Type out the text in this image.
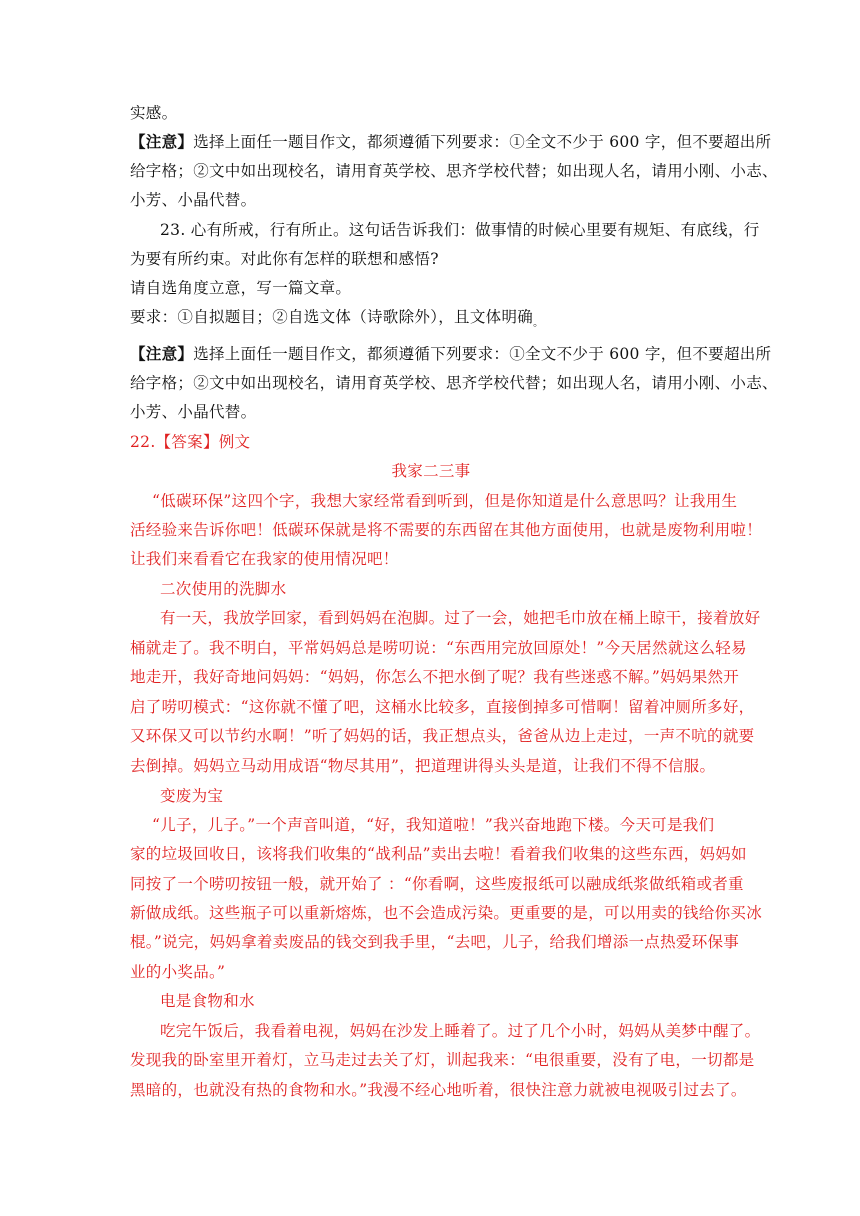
实感。
【注意】选择上面任一题目作文，都须遵循下列要求：①全文不少于 600 字，但不要超出所
给字格；②文中如出现校名，请用育英学校、思齐学校代替；如出现人名，请用小刚、小志、
小芳、小晶代替。
23. 心有所戒，行有所止。这句话告诉我们：做事情的时候心里要有规矩、有底线，行
为要有所约束。对此你有怎样的联想和感悟?
请自选角度立意，写一篇文章。
要求：①自拟题目；②自选文体（诗歌除外），且文体明确$_。$
【注意】选择上面任一题目作文，都须遵循下列要求：①全文不少于 600 字，但不要超出所
给字格；②文中如出现校名，请用育英学校、思齐学校代替；如出现人名，请用小刚、小志、
小芳、小晶代替。
22.【答案】例文
我家二三事
“低碳环保”这四个字，我想大家经常看到听到，但是你知道是什么意思吗？让我用生
活经验来告诉你吧！低碳环保就是将不需要的东西留在其他方面使用，也就是废物利用啦！
让我们来看看它在我家的使用情况吧！
二次使用的洗脚水
有一天，我放学回家，看到妈妈在泡脚。过了一会，她把毛巾放在桶上晾干，接着放好
桶就走了。我不明白，平常妈妈总是唠叨说：“东西用完放回原处！”今天居然就这么轻易
地走开，我好奇地问妈妈：“妈妈，你怎么不把水倒了呢？我有些迷惑不解。”妈妈果然开
启了唠叨模式：“这你就不懂了吧，这桶水比较多，直接倒掉多可惜啊！留着冲厕所多好，
又环保又可以节约水啊！”听了妈妈的话，我正想点头，爸爸从边上走过，一声不吭的就要
去倒掉。妈妈立马动用成语“物尽其用”，把道理讲得头头是道，让我们不得不信服。
变废为宝
“儿子，儿子。”一个声音叫道，“好，我知道啦！”我兴奋地跑下楼。今天可是我们
家的垃圾回收日，该将我们收集的“战利品”卖出去啦！看着我们收集的这些东西，妈妈如
同按了一个唠叨按钮一般，就开始了 ：“你看啊，这些废报纸可以融成纸浆做纸箱或者重
新做成纸。这些瓶子可以重新熔炼，也不会造成污染。更重要的是，可以用卖的钱给你买冰
棍。”说完，妈妈拿着卖废品的钱交到我手里，“去吧，儿子，给我们增添一点热爱环保事
业的小奖品。”
电是食物和水
吃完午饭后，我看着电视，妈妈在沙发上睡着了。过了几个小时，妈妈从美梦中醒了。
发现我的卧室里开着灯，立马走过去关了灯，训起我来：“电很重要，没有了电，一切都是
黑暗的，也就没有热的食物和水。”我漫不经心地听着，很快注意力就被电视吸引过去了。
